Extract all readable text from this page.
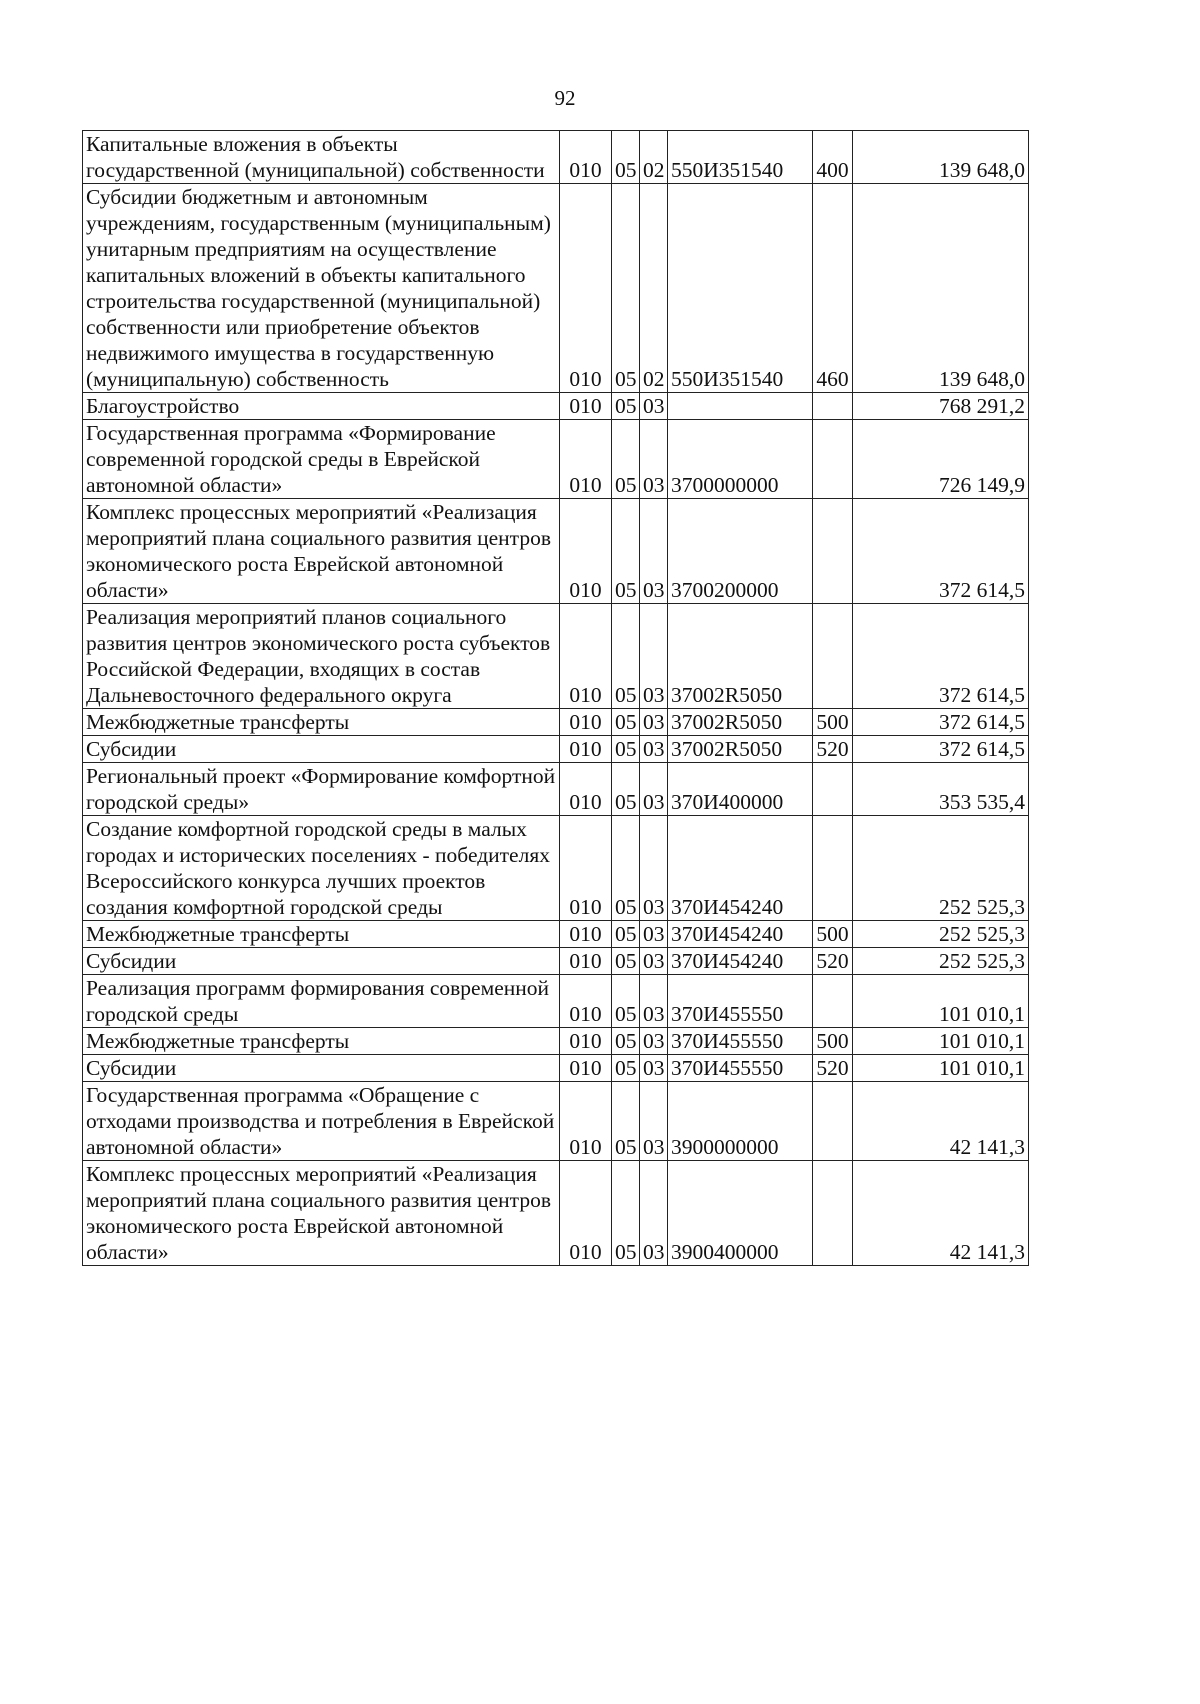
92
Капитальные вложения в объекты государственной (муниципальной) собственности	010	05	02	550И351540	400	139 648,0
Субсидии бюджетным и автономным учреждениям, государственным (муниципальным) унитарным предприятиям на осуществление капитальных вложений в объекты капитального строительства государственной (муниципальной) собственности или приобретение объектов недвижимого имущества в государственную (муниципальную) собственность	010	05	02	550И351540	460	139 648,0
Благоустройство	010	05	03			768 291,2
Государственная программа «Формирование современной городской среды в Еврейской автономной области»	010	05	03	3700000000		726 149,9
Комплекс процессных мероприятий «Реализация мероприятий плана социального развития центров экономического роста Еврейской автономной области»	010	05	03	3700200000		372 614,5
Реализация мероприятий планов социального развития центров экономического роста субъектов Российской Федерации, входящих в состав Дальневосточного федерального округа	010	05	03	37002R5050		372 614,5
Межбюджетные трансферты	010	05	03	37002R5050	500	372 614,5
Субсидии	010	05	03	37002R5050	520	372 614,5
Региональный проект «Формирование комфортной городской среды»	010	05	03	370И400000		353 535,4
Создание комфортной городской среды в малых городах и исторических поселениях - победителях Всероссийского конкурса лучших проектов создания комфортной городской среды	010	05	03	370И454240		252 525,3
Межбюджетные трансферты	010	05	03	370И454240	500	252 525,3
Субсидии	010	05	03	370И454240	520	252 525,3
Реализация программ формирования современной городской среды	010	05	03	370И455550		101 010,1
Межбюджетные трансферты	010	05	03	370И455550	500	101 010,1
Субсидии	010	05	03	370И455550	520	101 010,1
Государственная программа «Обращение с отходами производства и потребления в Еврейской автономной области»	010	05	03	3900000000		42 141,3
Комплекс процессных мероприятий «Реализация мероприятий плана социального развития центров экономического роста Еврейской автономной области»	010	05	03	3900400000		42 141,3
